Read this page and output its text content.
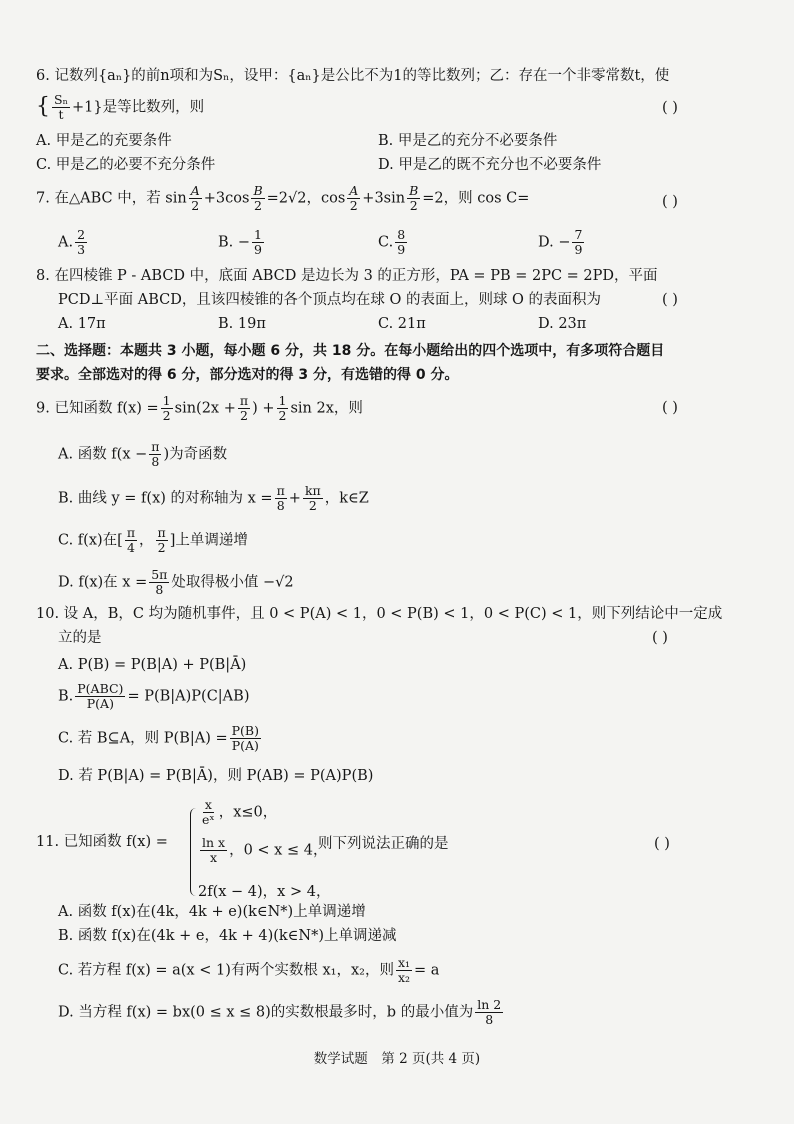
6. 记数列{aₙ}的前n项和为Sₙ，设甲：{aₙ}是公比不为1的等比数列；乙：存在一个非零常数t，使
{ $\frac{\text{Sₙ}}{t} +1$}是等比数列，则	( )
A. 甲是乙的充要条件	B. 甲是乙的充分不必要条件
C. 甲是乙的必要不充分条件	D. 甲是乙的既不充分也不必要条件
7. 在△ABC 中，若 $\sin \frac{A}{2} +3\cos \frac{B}{2} =2√2$，$\cos \frac{A}{2} +3\sin \frac{B}{2} =2$，则 cos C=	( )
A. $\frac{2}{3}$	B. − $\frac{1}{9}$	C. $\frac{8}{9}$	D. − $\frac{7}{9}$
8. 在四棱锥 P - ABCD 中，底面 ABCD 是边长为 3 的正方形，PA = PB = 2PC = 2PD，平面
PCD⊥平面 ABCD，且该四棱锥的各个顶点均在球 O 的表面上，则球 O 的表面积为	( )
A. 17π	B. 19π	C. 21π	D. 23π
二、选择题：本题共 3 小题，每小题 6 分，共 18 分。在每小题给出的四个选项中，有多项符合题目
要求。全部选对的得 6 分，部分选对的得 3 分，有选错的得 0 分。
9. 已知函数 $f(x) = \frac{1}{2} \sin(2x + \frac{\pi}{2}$ ) + $\frac{1}{2}$ sin 2x，则	( )
A. 函数 $f(x - \frac{\pi}{8}$ )为奇函数
B. 曲线 y = f(x) 的对称轴为 $x = \frac{\pi}{8} + \frac{k\pi}{2}$ ，k∈Z
C. f(x)在[ $\frac{\pi}{4}$ ， $\frac{\pi}{2}$ ]上单调递增
D. f(x)在 $x = \frac{5\pi}{8}$ 处取得极小值 −√2
10. 设 A，B，C 均为随机事件，且 0 < P(A) < 1，0 < P(B) < 1，0 < P(C) < 1，则下列结论中一定成
立的是	( )
A. P(B) = P(B|A) + P(B|Ā)
B. $\frac{\text{P(ABC)}}{P(A)} = P(B|A)P(C|AB)$
C. 若 B⊆A，则 $P(B|A) = \frac{P(B)}{P(A)}$
D. 若 P(B|A) = P(B|Ā)，则 P(AB) = P(A)P(B)
11. 已知函数 f(x) =
$\frac{x}{\text{eˣ}}$ ，x≤0，
$\frac{\text{ln x}}{x}$ ，0 < x ≤ 4，
2f(x − 4)，x > 4，
则下列说法正确的是	( )
A. 函数 f(x)在(4k，4k + e)(k∈N*)上单调递增
B. 函数 f(x)在(4k + e，4k + 4)(k∈N*)上单调递减
C. 若方程 f(x) = a(x < 1)有两个实数根 x₁，x₂，则 $\frac{\text{x₁}}{\text{x₂}} = a$
D. 当方程 f(x) = bx(0 ≤ x ≤ 8)的实数根最多时，b 的最小值为 $\frac{\ln 2}{8}$
数学试题　第 2 页(共 4 页)
